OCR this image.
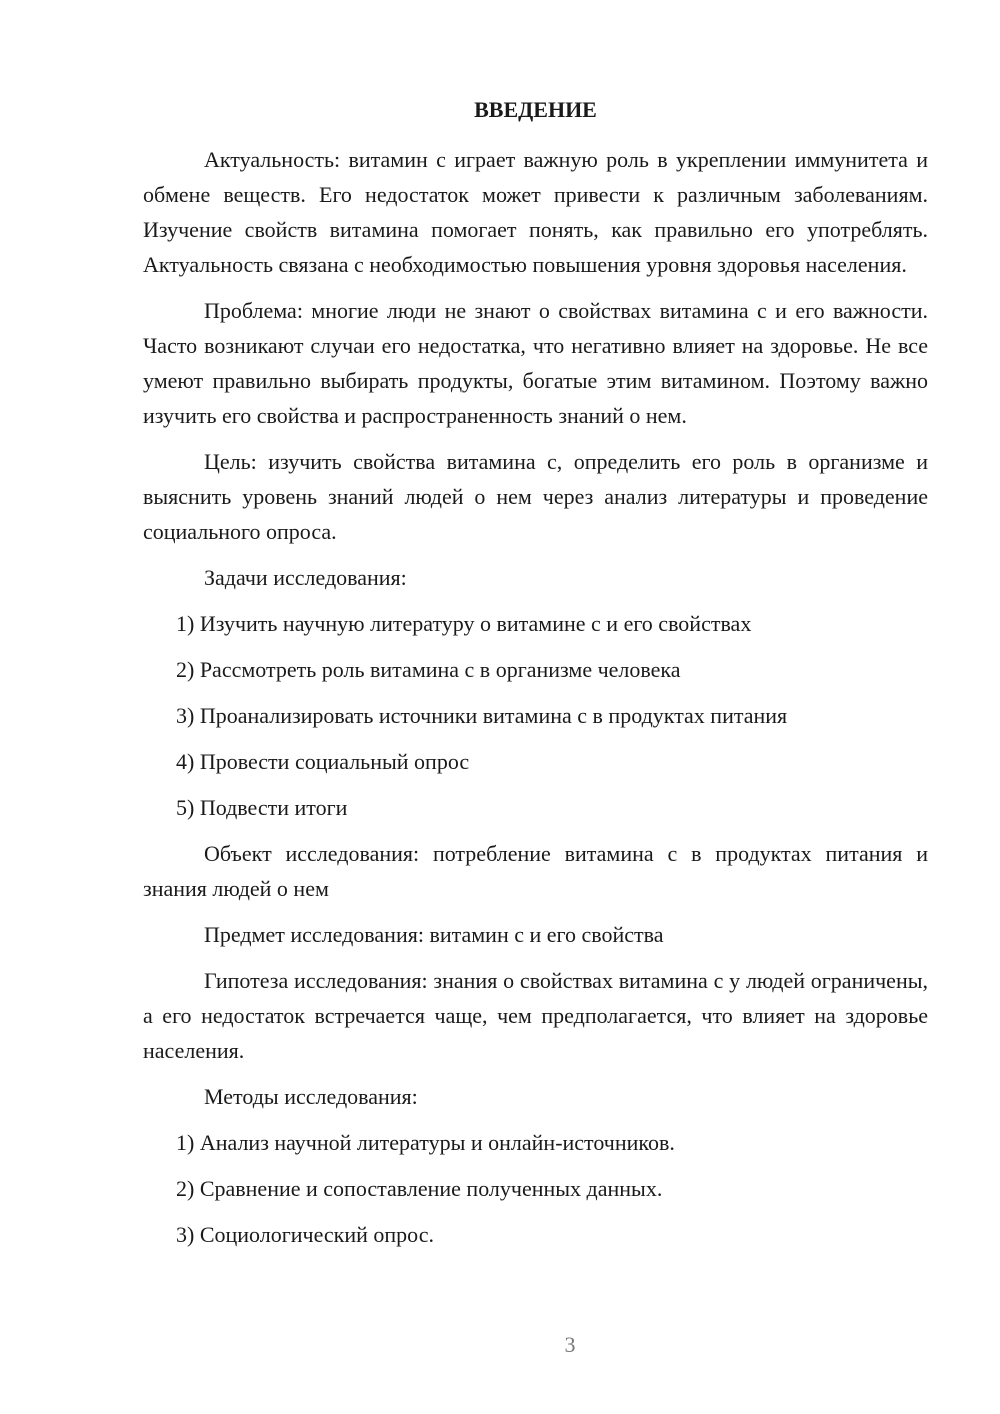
ВВЕДЕНИЕ

Актуальность: витамин с играет важную роль в укреплении иммунитета и обмене веществ. Его недостаток может привести к различным заболеваниям. Изучение свойств витамина помогает понять, как правильно его употреблять. Актуальность связана с необходимостью повышения уровня здоровья населения.

Проблема: многие люди не знают о свойствах витамина с и его важности. Часто возникают случаи его недостатка, что негативно влияет на здоровье. Не все умеют правильно выбирать продукты, богатые этим витамином. Поэтому важно изучить его свойства и распространенность знаний о нем.

Цель: изучить свойства витамина с, определить его роль в организме и выяснить уровень знаний людей о нем через анализ литературы и проведение социального опроса.

Задачи исследования:

1) Изучить научную литературу о витамине с и его свойствах
2) Рассмотреть роль витамина с в организме человека
3) Проанализировать источники витамина с в продуктах питания
4) Провести социальный опрос
5) Подвести итоги

Объект исследования: потребление витамина с в продуктах питания и знания людей о нем

Предмет исследования: витамин с и его свойства

Гипотеза исследования: знания о свойствах витамина с у людей ограничены, а его недостаток встречается чаще, чем предполагается, что влияет на здоровье населения.

Методы исследования:

1) Анализ научной литературы и онлайн-источников.
2) Сравнение и сопоставление полученных данных.
3) Социологический опрос.
3
